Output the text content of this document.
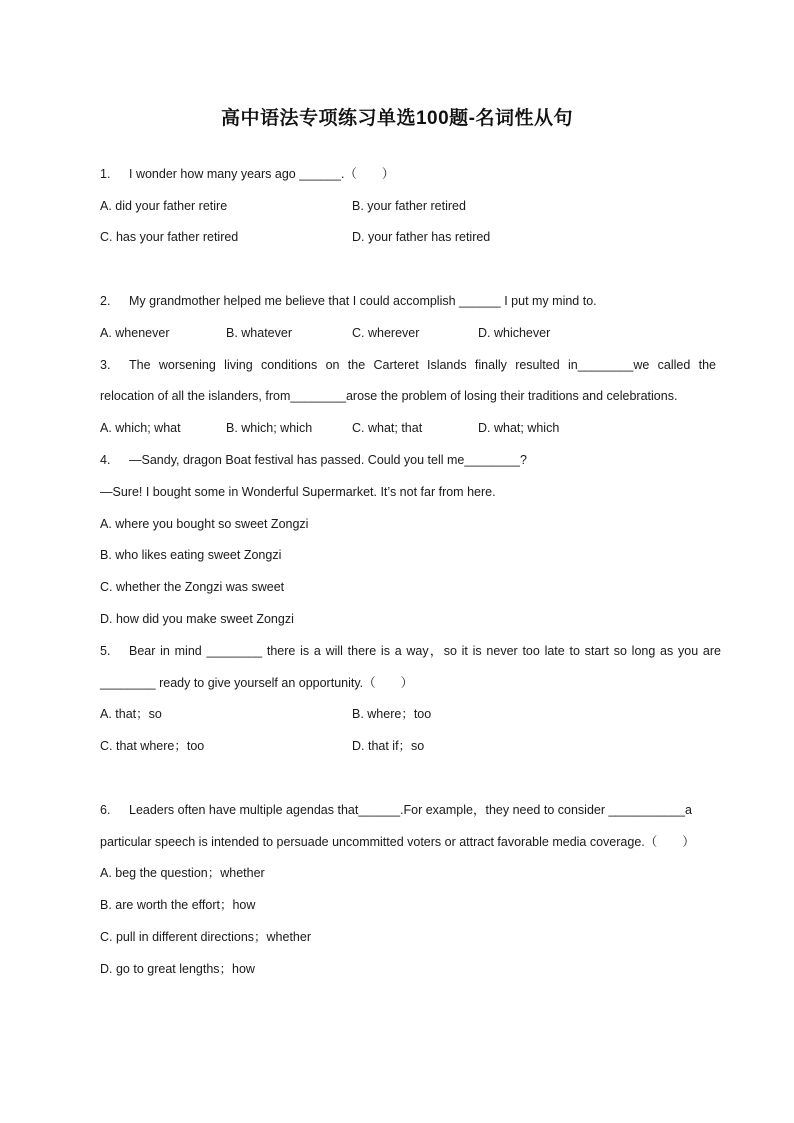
高中语法专项练习单选100题-名词性从句
1. I wonder how many years ago ______.（　　）
A. did your father retire	B. your father retired
C. has your father retired	D. your father has retired
2. My grandmother helped me believe that I could accomplish ______ I put my mind to.
A. whenever	B. whatever	C. wherever	D. whichever
3. The worsening living conditions on the Carteret Islands finally resulted in________we called the
relocation of all the islanders, from________arose the problem of losing their traditions and celebrations.
A. which; what	B. which; which	C. what; that	D. what; which
4. —Sandy, dragon Boat festival has passed. Could you tell me________?
—Sure! I bought some in Wonderful Supermarket. It’s not far from here.
A. where you bought so sweet Zongzi
B. who likes eating sweet Zongzi
C. whether the Zongzi was sweet
D. how did you make sweet Zongzi
5. Bear in mind ________ there is a will there is a way，so it is never too late to start so long as you are
________ ready to give yourself an opportunity.（　　）
A. that；so	B. where；too
C. that where；too	D. that if；so
6. Leaders often have multiple agendas that______.For example，they need to consider ___________a
particular speech is intended to persuade uncommitted voters or attract favorable media coverage.（　　）
A. beg the question；whether
B. are worth the effort；how
C. pull in different directions；whether
D. go to great lengths；how
